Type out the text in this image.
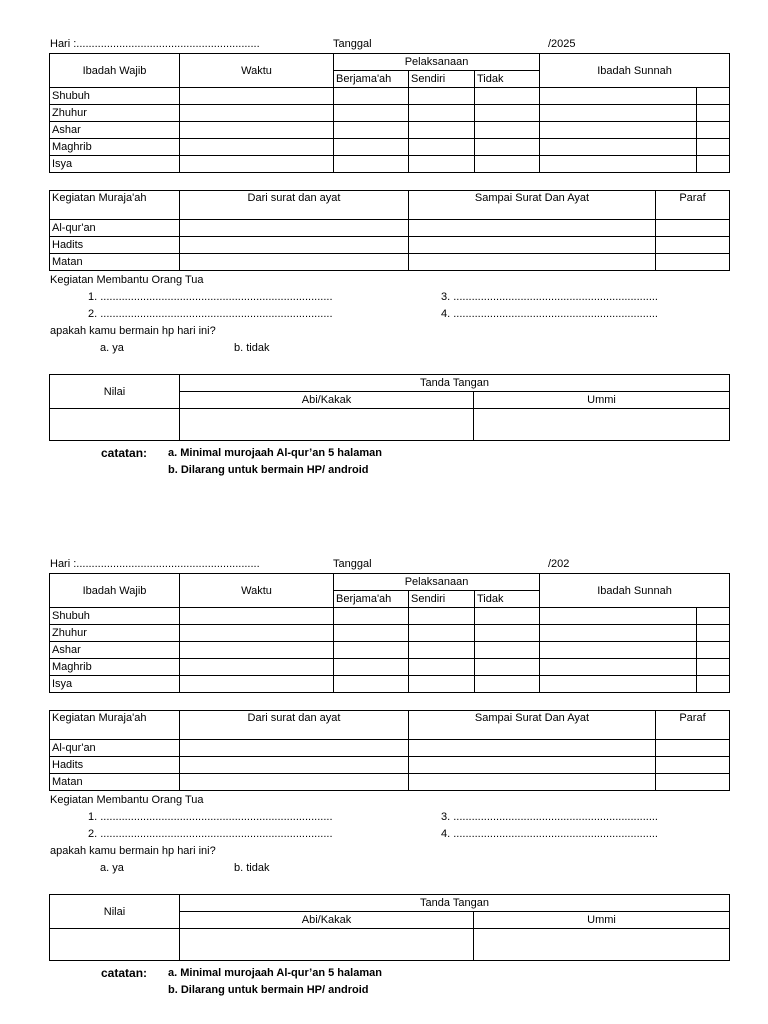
Hari :............................................................	Tanggal	/2025
Ibadah Wajib	Waktu	Pelaksanaan			Ibadah Sunnah	
		Berjama'ah	Sendiri	Tidak		
Shubuh						
Zhuhur						
Ashar						
Maghrib						
Isya						
Kegiatan Muraja'ah	Dari surat dan ayat	Sampai Surat Dan Ayat	Paraf
Al-qur'an			
Hadits			
Matan			
Kegiatan Membantu Orang Tua
1. ............................................................................	3. ...................................................................
2. ............................................................................	4. ...................................................................
apakah kamu bermain hp hari ini?
a. ya	b. tidak
Nilai	Tanda Tangan	
	Abi/Kakak	Ummi

catatan: a. Minimal murojaah Al-qur’an 5 halaman
b. Dilarang untuk bermain HP/ android
Hari :............................................................	Tanggal	/202
Ibadah Wajib	Waktu	Pelaksanaan			Ibadah Sunnah	
		Berjama'ah	Sendiri	Tidak		
Shubuh						
Zhuhur						
Ashar						
Maghrib						
Isya						
Kegiatan Muraja'ah	Dari surat dan ayat	Sampai Surat Dan Ayat	Paraf
Al-qur'an			
Hadits			
Matan			
Kegiatan Membantu Orang Tua
1. ............................................................................	3. ...................................................................
2. ............................................................................	4. ...................................................................
apakah kamu bermain hp hari ini?
a. ya	b. tidak
Nilai	Tanda Tangan	
	Abi/Kakak	Ummi

catatan: a. Minimal murojaah Al-qur’an 5 halaman
b. Dilarang untuk bermain HP/ android
